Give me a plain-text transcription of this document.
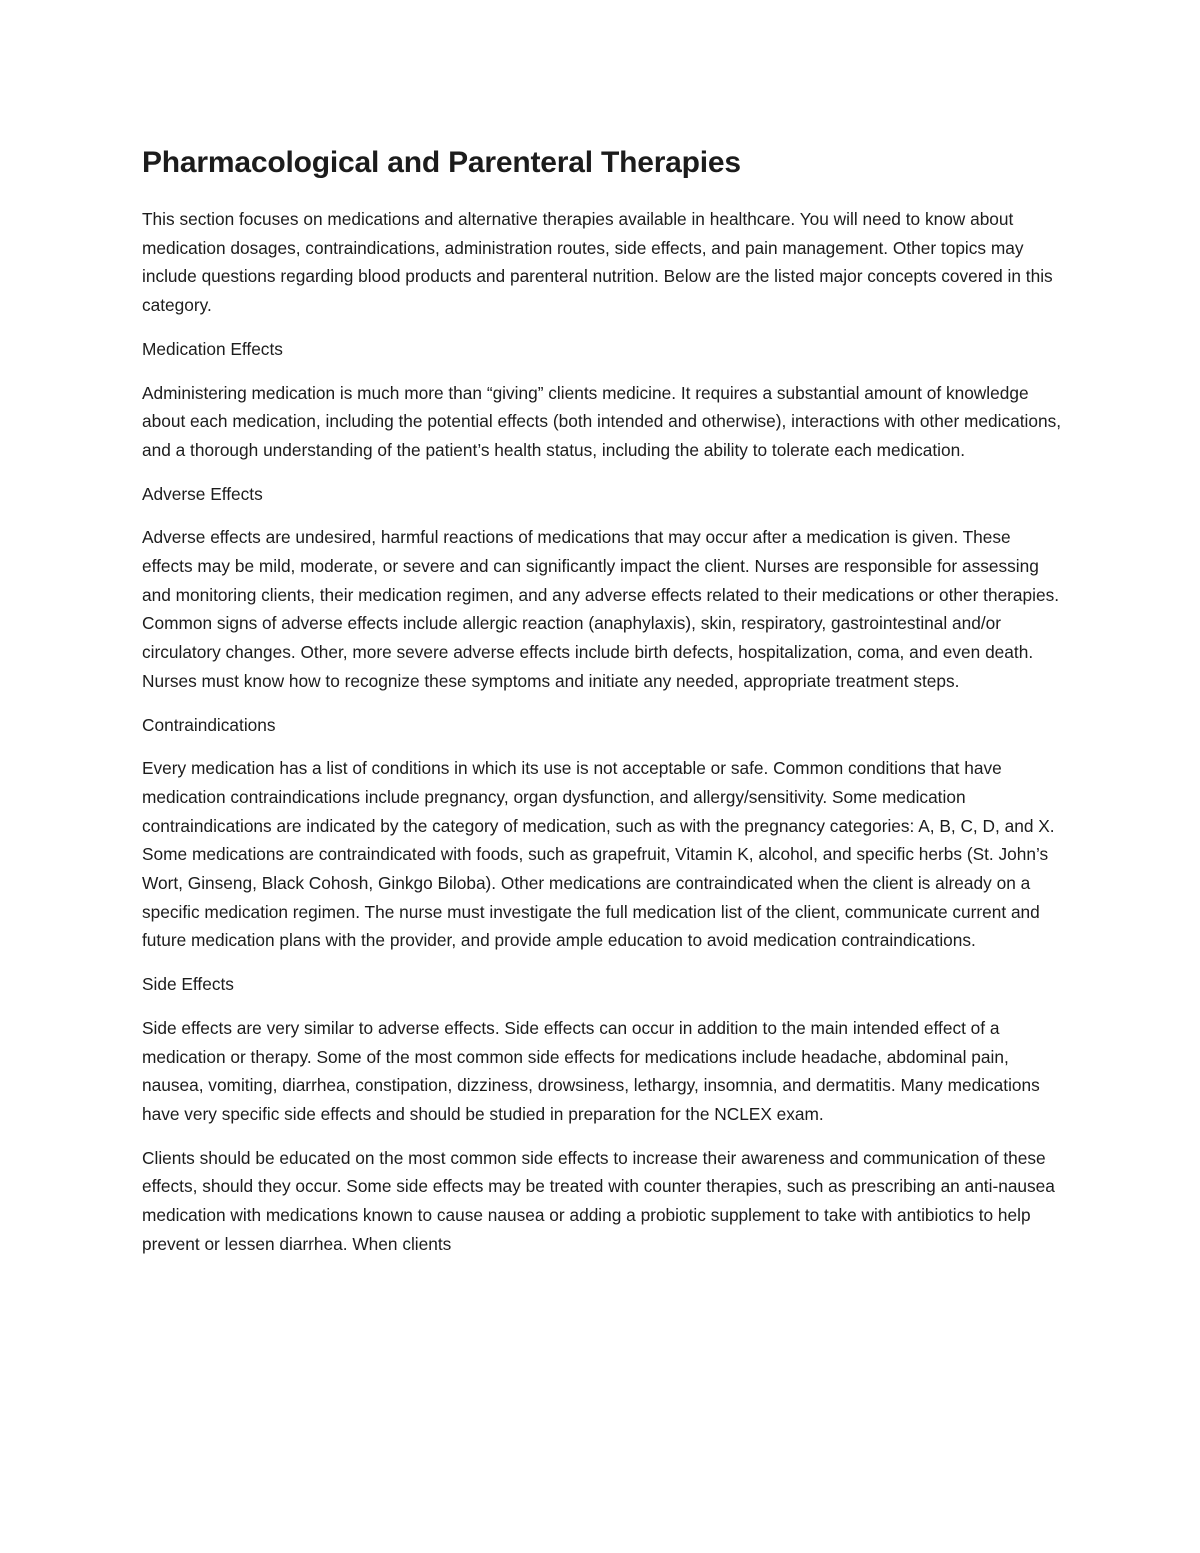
Pharmacological and Parenteral Therapies

This section focuses on medications and alternative therapies available in healthcare. You will need to know about medication dosages, contraindications, administration routes, side effects, and pain management. Other topics may include questions regarding blood products and parenteral nutrition. Below are the listed major concepts covered in this category.

Medication Effects

Administering medication is much more than “giving” clients medicine. It requires a substantial amount of knowledge about each medication, including the potential effects (both intended and otherwise), interactions with other medications, and a thorough understanding of the patient’s health status, including the ability to tolerate each medication.

Adverse Effects

Adverse effects are undesired, harmful reactions of medications that may occur after a medication is given. These effects may be mild, moderate, or severe and can significantly impact the client. Nurses are responsible for assessing and monitoring clients, their medication regimen, and any adverse effects related to their medications or other therapies. Common signs of adverse effects include allergic reaction (anaphylaxis), skin, respiratory, gastrointestinal and/or circulatory changes. Other, more severe adverse effects include birth defects, hospitalization, coma, and even death. Nurses must know how to recognize these symptoms and initiate any needed, appropriate treatment steps.

Contraindications

Every medication has a list of conditions in which its use is not acceptable or safe. Common conditions that have medication contraindications include pregnancy, organ dysfunction, and allergy/sensitivity. Some medication contraindications are indicated by the category of medication, such as with the pregnancy categories: A, B, C, D, and X. Some medications are contraindicated with foods, such as grapefruit, Vitamin K, alcohol, and specific herbs (St. John’s Wort, Ginseng, Black Cohosh, Ginkgo Biloba). Other medications are contraindicated when the client is already on a specific medication regimen. The nurse must investigate the full medication list of the client, communicate current and future medication plans with the provider, and provide ample education to avoid medication contraindications.

Side Effects

Side effects are very similar to adverse effects. Side effects can occur in addition to the main intended effect of a medication or therapy. Some of the most common side effects for medications include headache, abdominal pain, nausea, vomiting, diarrhea, constipation, dizziness, drowsiness, lethargy, insomnia, and dermatitis. Many medications have very specific side effects and should be studied in preparation for the NCLEX exam.

Clients should be educated on the most common side effects to increase their awareness and communication of these effects, should they occur. Some side effects may be treated with counter therapies, such as prescribing an anti-nausea medication with medications known to cause nausea or adding a probiotic supplement to take with antibiotics to help prevent or lessen diarrhea. When clients
